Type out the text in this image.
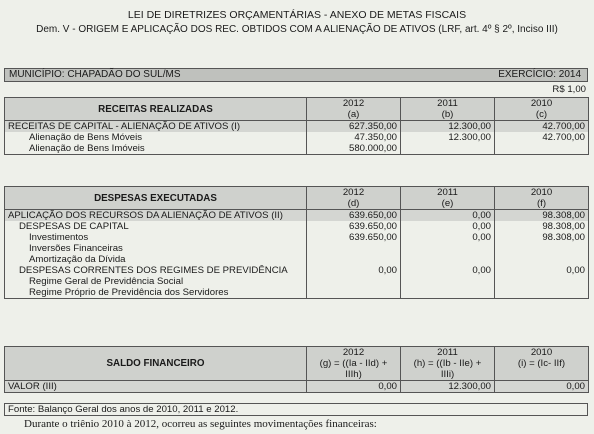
LEI DE DIRETRIZES ORÇAMENTÁRIAS - ANEXO DE METAS FISCAIS
Dem. V - ORIGEM E APLICAÇÃO DOS REC. OBTIDOS COM A ALIENAÇÃO DE ATIVOS (LRF, art. 4º § 2º, Inciso III)
MUNICÍPIO: CHAPADÃO DO SUL/MS	EXERCÍCIO: 2014
R$ 1,00
RECEITAS REALIZADAS	2012	2011	2010
	(a)	(b)	(c)
RECEITAS DE CAPITAL - ALIENAÇÃO DE ATIVOS (I)	627.350,00	12.300,00	42.700,00
Alienação de Bens Móveis	47.350,00	12.300,00	42.700,00
Alienação de Bens Imóveis	580.000,00		
DESPESAS EXECUTADAS	2012	2011	2010
	(d)	(e)	(f)
APLICAÇÃO DOS RECURSOS DA ALIENAÇÃO DE ATIVOS (II)	639.650,00	0,00	98.308,00
DESPESAS DE CAPITAL	639.650,00	0,00	98.308,00
Investimentos	639.650,00	0,00	98.308,00
Inversões Financeiras			
Amortização da Dívida			
DESPESAS CORRENTES DOS REGIMES DE PREVIDÊNCIA	0,00	0,00	0,00
Regime Geral de Previdência Social			
Regime Próprio de Previdência dos Servidores			
SALDO FINANCEIRO	2012	2011	2010
	(g) = ((Ia - IId) +	(h) = ((Ib - IIe) +	(i) = (Ic- IIf)
	IIIh)	IIIi)	
VALOR (III)	0,00	12.300,00	0,00
Fonte: Balanço Geral dos anos de 2010, 2011 e 2012.
Durante o triênio 2010 à 2012, ocorreu as seguintes movimentações financeiras:
